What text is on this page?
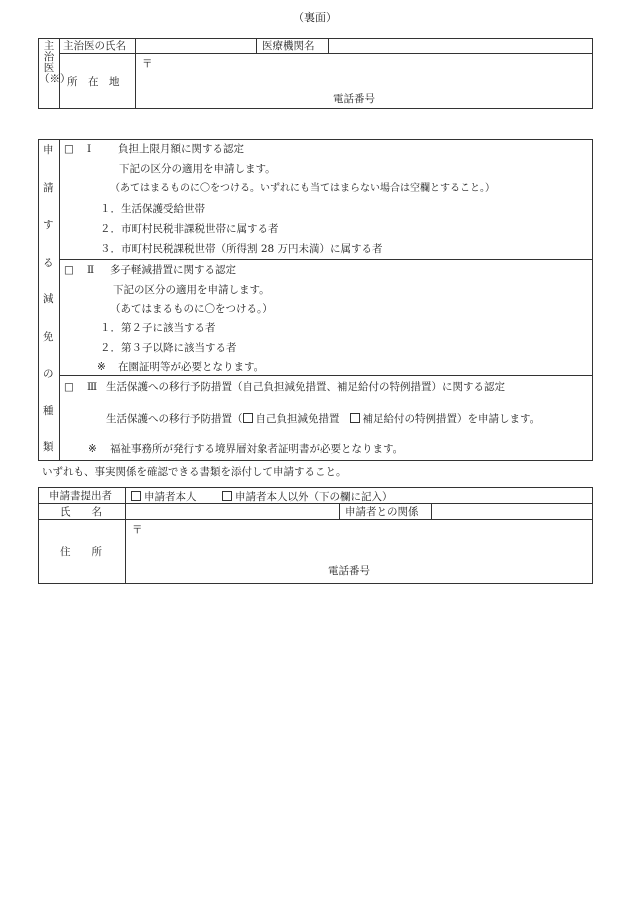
（裏面）
主治医（※）
主治医の氏名	医療機関名
所　在　地
〒
電話番号
申
請
す
る
減
免
の
種
類
□ Ⅰ	負担上限月額に関する認定
下記の区分の適用を申請します。
（あてはまるものに〇をつける。いずれにも当てはまらない場合は空欄とすること。）
１．生活保護受給世帯
２．市町村民税非課税世帯に属する者
３．市町村民税課税世帯（所得割 28 万円未満）に属する者
□ Ⅱ 多子軽減措置に関する認定
下記の区分の適用を申請します。
（あてはまるものに〇をつける。）
１．第２子に該当する者
２．第３子以降に該当する者
※ 在園証明等が必要となります。
□ Ⅲ 生活保護への移行予防措置（自己負担減免措置、補足給付の特例措置）に関する認定
生活保護への移行予防措置（ 自己負担減免措置 補足給付の特例措置）を申請します。
※ 福祉事務所が発行する境界層対象者証明書が必要となります。
いずれも、事実関係を確認できる書類を添付して申請すること。
申請書提出者	申請者本人	申請者本人以外（下の欄に記入）
氏　　名	申請者との関係
住　　所
〒
電話番号
